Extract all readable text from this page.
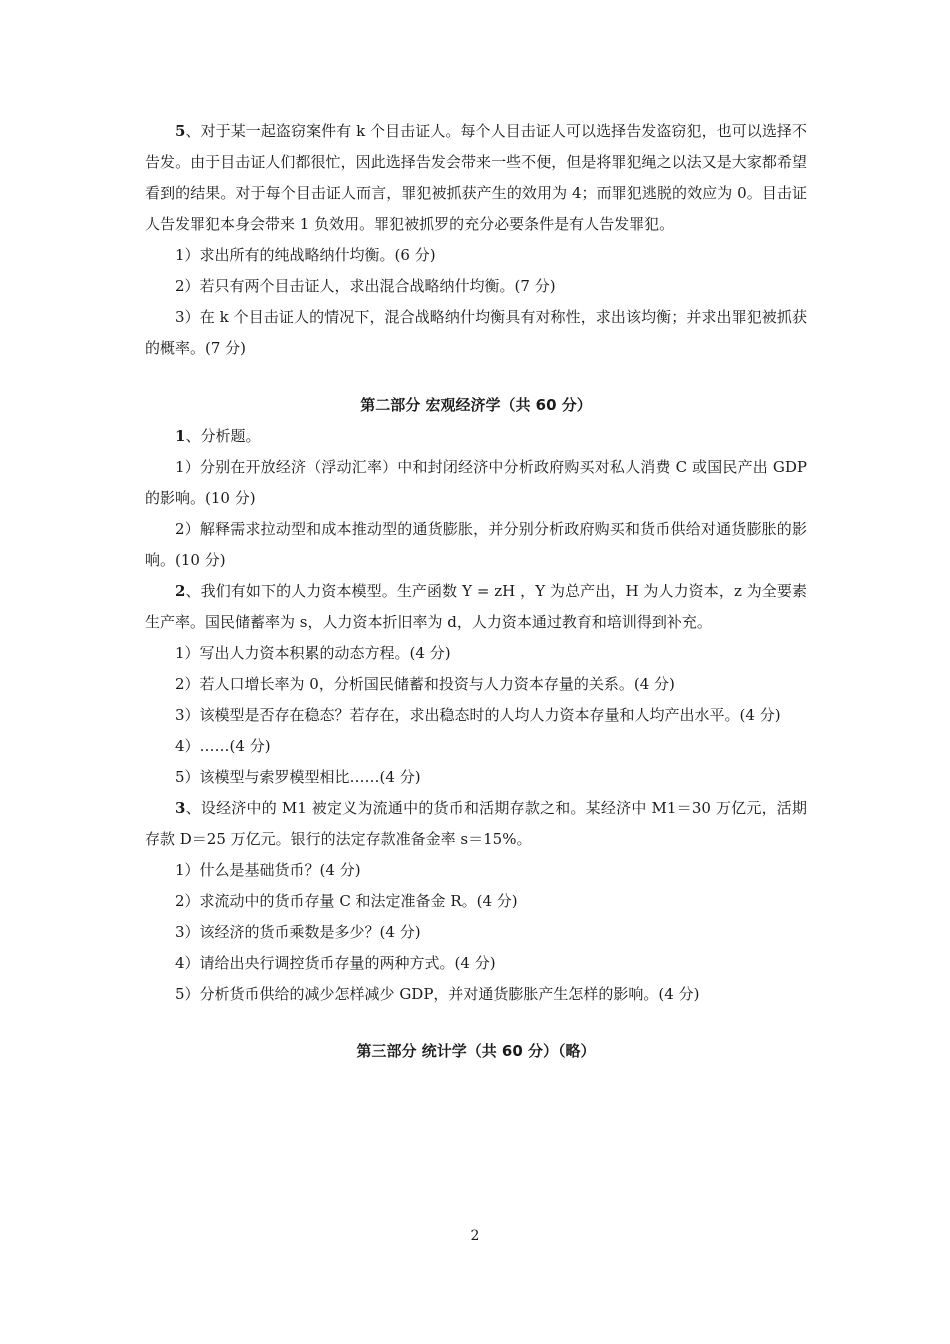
5、对于某一起盗窃案件有 k 个目击证人。每个人目击证人可以选择告发盗窃犯，也可以选择不告发。由于目击证人们都很忙，因此选择告发会带来一些不便，但是将罪犯绳之以法又是大家都希望看到的结果。对于每个目击证人而言，罪犯被抓获产生的效用为 4；而罪犯逃脱的效应为 0。目击证人告发罪犯本身会带来 1 负效用。罪犯被抓罗的充分必要条件是有人告发罪犯。

1）求出所有的纯战略纳什均衡。(6 分)

2）若只有两个目击证人，求出混合战略纳什均衡。(7 分)

3）在 k 个目击证人的情况下，混合战略纳什均衡具有对称性，求出该均衡；并求出罪犯被抓获的概率。(7 分)

第二部分 宏观经济学（共 60 分）

1、分析题。

1）分别在开放经济（浮动汇率）中和封闭经济中分析政府购买对私人消费 C 或国民产出 GDP 的影响。(10 分)

2）解释需求拉动型和成本推动型的通货膨胀，并分别分析政府购买和货币供给对通货膨胀的影响。(10 分)

2、我们有如下的人力资本模型。生产函数 Y = zH ，Y 为总产出，H 为人力资本，z 为全要素生产率。国民储蓄率为 s，人力资本折旧率为 d，人力资本通过教育和培训得到补充。

1）写出人力资本积累的动态方程。(4 分)

2）若人口增长率为 0，分析国民储蓄和投资与人力资本存量的关系。(4 分)

3）该模型是否存在稳态？若存在，求出稳态时的人均人力资本存量和人均产出水平。(4 分)

4）……(4 分)

5）该模型与索罗模型相比……(4 分)

3、设经济中的 M1 被定义为流通中的货币和活期存款之和。某经济中 M1＝30 万亿元，活期存款 D＝25 万亿元。银行的法定存款准备金率 s＝15%。

1）什么是基础货币？(4 分)

2）求流动中的货币存量 C 和法定准备金 R。(4 分)

3）该经济的货币乘数是多少？(4 分)

4）请给出央行调控货币存量的两种方式。(4 分)

5）分析货币供给的减少怎样减少 GDP，并对通货膨胀产生怎样的影响。(4 分)

第三部分 统计学（共 60 分）（略）

2
